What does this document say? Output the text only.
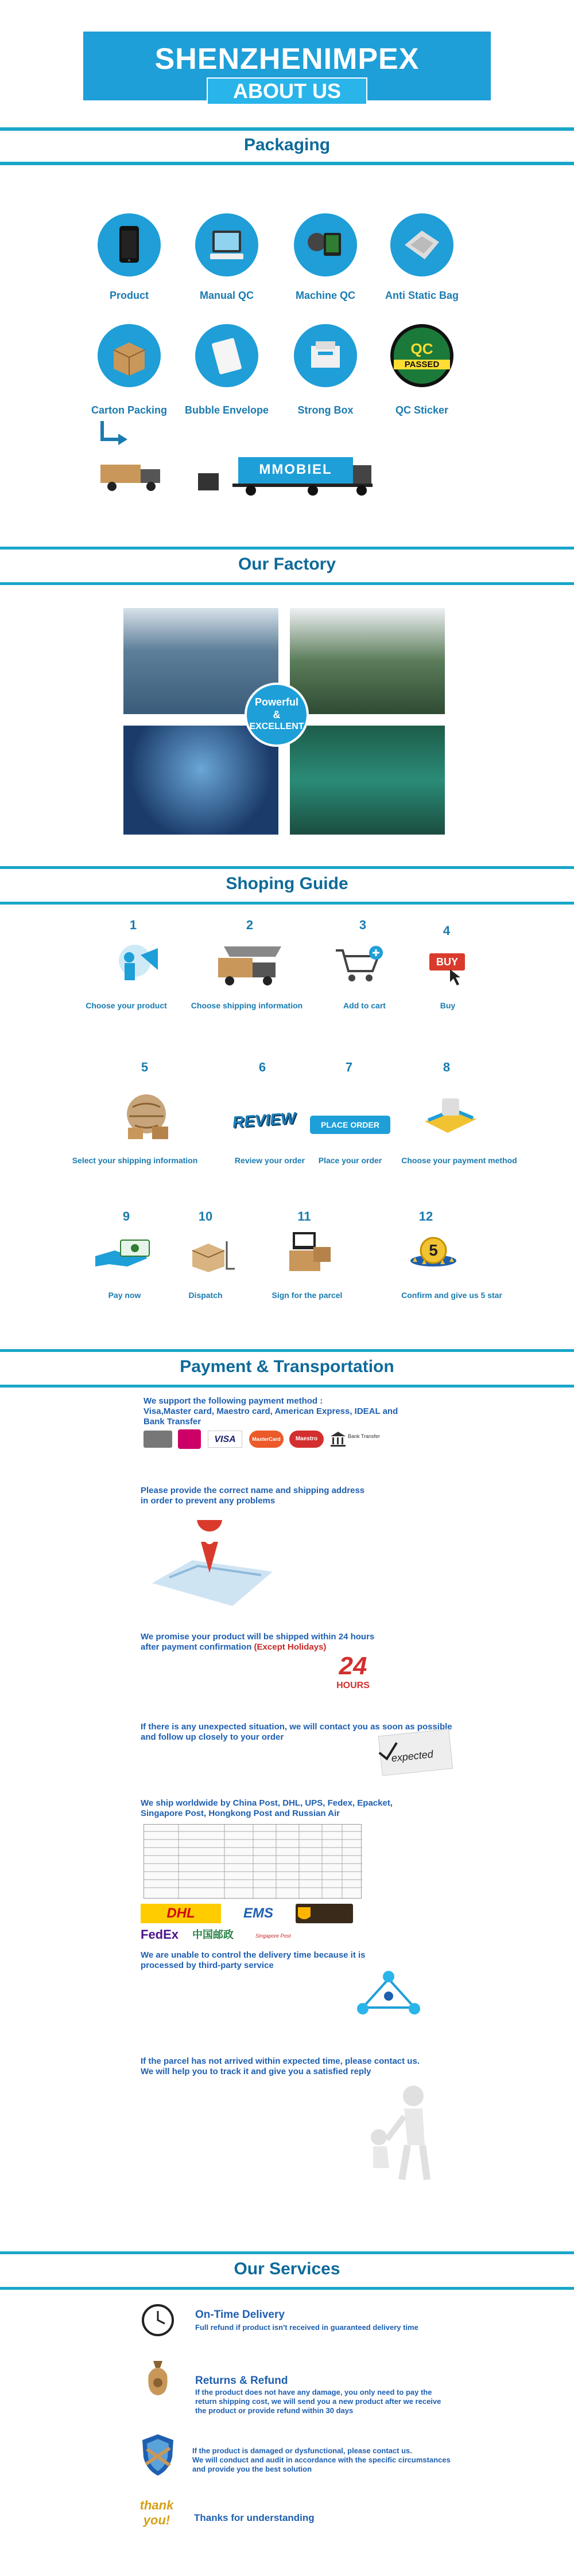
SHENZHENIMPEX
ABOUT US
Packaging
Product	Manual QC	Machine QC	Anti Static Bag
QC
PASSED
Carton Packing	Bubble Envelope	Strong Box	QC Sticker
MMOBIEL
Our Factory
Powerful
&
EXCELLENT
Shoping Guide
1	2	3	4
BUY
Choose your product	Choose shipping information	Add to cart	Buy
5	6	7	8
REVIEW	PLACE ORDER
Select your shipping information	Review your order	Place your order	Choose your payment method
9	10	11	12
5
Pay now	Dispatch	Sign for the parcel	Confirm and give us 5 star
Payment & Transportation
We support the following payment method :
Visa,Master card, Maestro card, American Express, IDEAL and
Bank Transfer
VISA	MasterCard	Maestro	Bank Transfer
Please provide the correct name and shipping address
in order to prevent any problems
We promise your product will be shipped within 24 hours
after payment confirmation (Except Holidays)
24
HOURS
If there is any unexpected situation, we will contact you as soon as possible
and follow up closely to your order
expected
We ship worldwide by China Post, DHL, UPS, Fedex, Epacket,
Singapore Post, Hongkong Post and Russian Air
DHL	EMS
FedEx	中国邮政	Singapore Post
We are unable to control the delivery time because it is
processed by third-party service
If the parcel has not arrived within expected time, please contact us.
We will help you to track it and give you a satisfied reply
Our Services
On-Time Delivery
Full refund if product isn't received in guaranteed delivery time
Returns & Refund
If the product does not have any damage, you only need to pay the
return shipping cost, we will send you a new product after we receive
the product or provide refund within 30 days
If the product is damaged or dysfunctional, please contact us.
We will conduct and audit in accordance with the specific circumstances
and provide you the best solution
thank you!	Thanks for understanding
